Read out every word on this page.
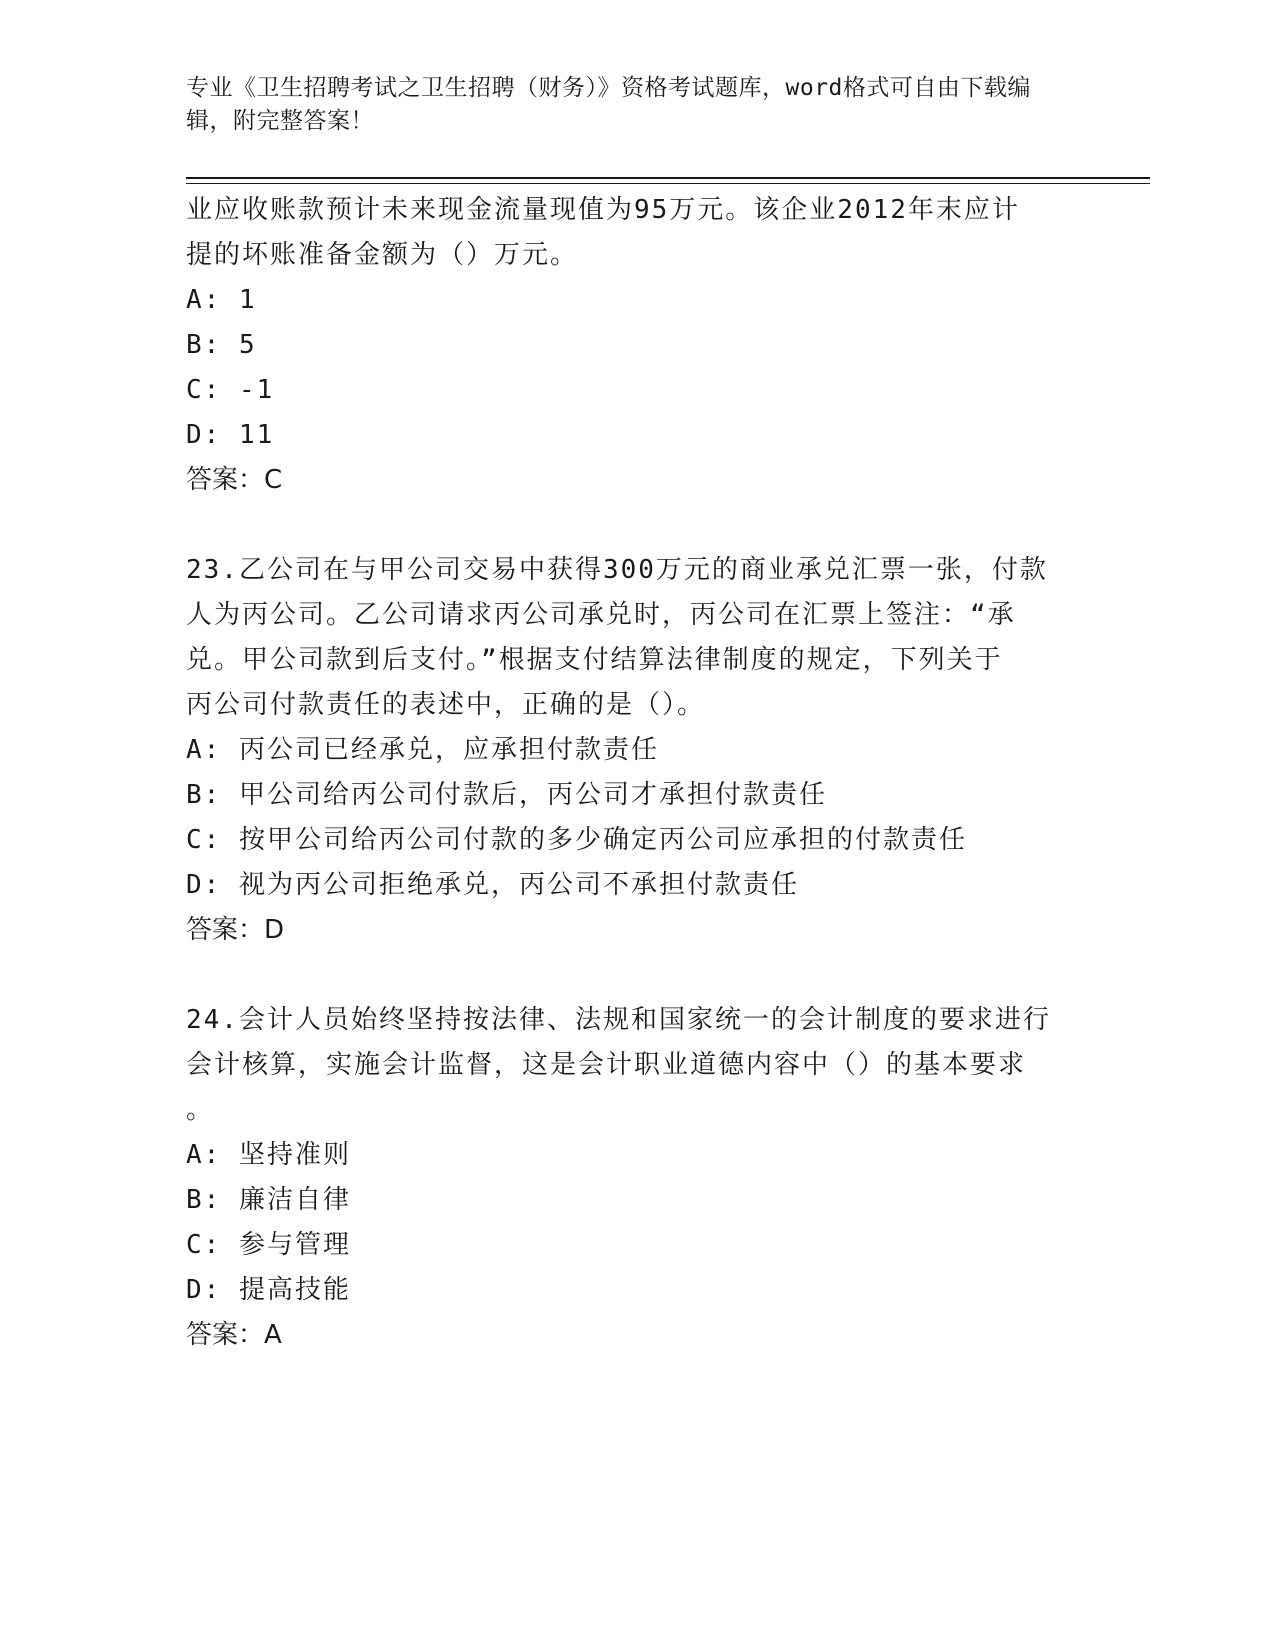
专业《卫生招聘考试之卫生招聘（财务）》资格考试题库，word格式可自由下载编辑，附完整答案！

业应收账款预计未来现金流量现值为95万元。该企业2012年末应计

提的坏账准备金额为（）万元。

A: 1

B: 5

C: -1

D: 11

答案：C

23.乙公司在与甲公司交易中获得300万元的商业承兑汇票一张，付款

人为丙公司。乙公司请求丙公司承兑时，丙公司在汇票上签注：“承

兑。甲公司款到后支付。”根据支付结算法律制度的规定，下列关于

丙公司付款责任的表述中，正确的是（）。

A: 丙公司已经承兑，应承担付款责任

B: 甲公司给丙公司付款后，丙公司才承担付款责任

C: 按甲公司给丙公司付款的多少确定丙公司应承担的付款责任

D: 视为丙公司拒绝承兑，丙公司不承担付款责任

答案：D

24.会计人员始终坚持按法律、法规和国家统一的会计制度的要求进行

会计核算，实施会计监督，这是会计职业道德内容中（）的基本要求

。

A: 坚持准则

B: 廉洁自律

C: 参与管理

D: 提高技能

答案：A
